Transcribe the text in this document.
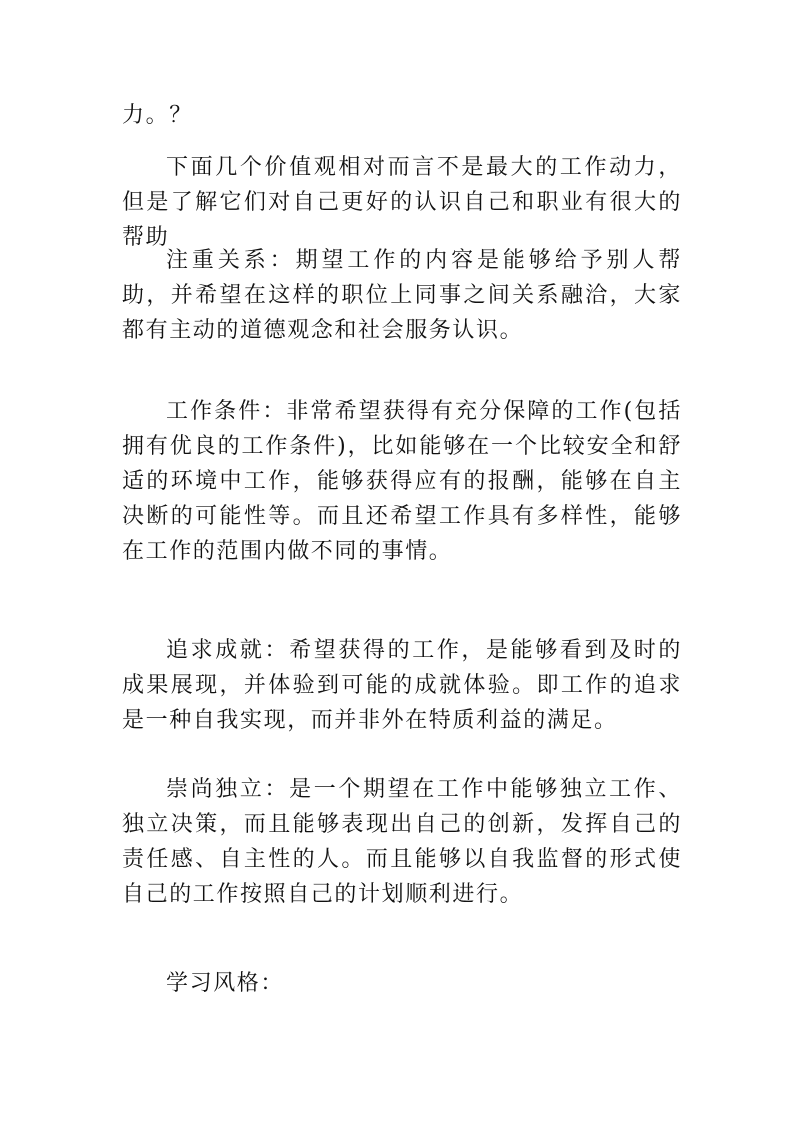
力。？

下面几个价值观相对而言不是最大的工作动力，但是了解它们对自己更好的认识自己和职业有很大的帮助

注重关系：期望工作的内容是能够给予别人帮助，并希望在这样的职位上同事之间关系融洽，大家都有主动的道德观念和社会服务认识。

工作条件：非常希望获得有充分保障的工作(包括拥有优良的工作条件)，比如能够在一个比较安全和舒适的环境中工作，能够获得应有的报酬，能够在自主决断的可能性等。而且还希望工作具有多样性，能够在工作的范围内做不同的事情。

追求成就：希望获得的工作，是能够看到及时的成果展现，并体验到可能的成就体验。即工作的追求是一种自我实现，而并非外在特质利益的满足。

崇尚独立：是一个期望在工作中能够独立工作、独立决策，而且能够表现出自己的创新，发挥自己的责任感、自主性的人。而且能够以自我监督的形式使自己的工作按照自己的计划顺利进行。

学习风格：
